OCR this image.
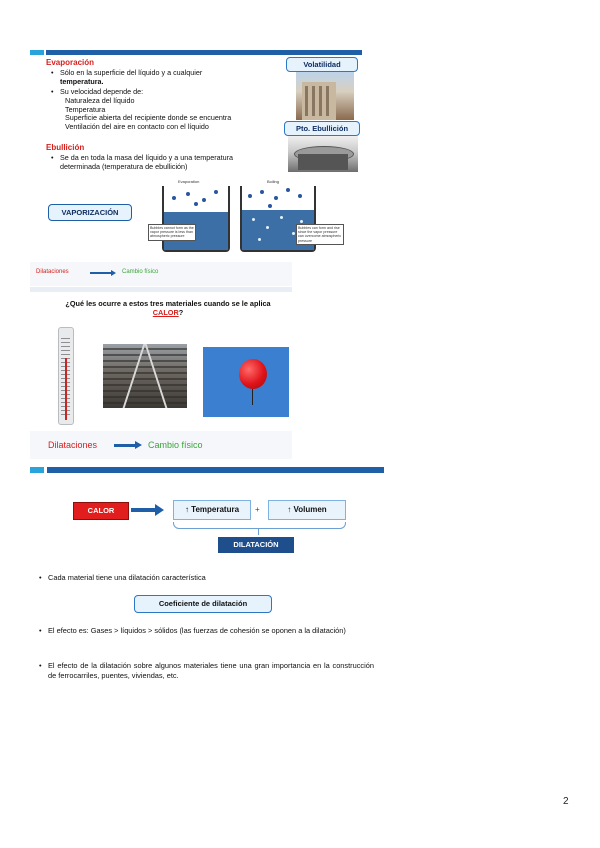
Evaporación
• Sólo en la superficie del líquido y a cualquier
temperatura.
• Su velocidad depende de:
Naturaleza del líquido
Temperatura
Superficie abierta del recipiente donde se encuentra
Ventilación del aire en contacto con el líquido
Ebullición
• Se da en toda la masa del líquido y a una temperatura
determinada (temperatura de ebullición)
Volatilidad
Pto. Ebullición
VAPORIZACIÓN
Evaporation	Boiling
Bubbles cannot form as the vapor pressure is less than atmospheric pressure
Bubbles can form and rise since the vapor pressure can overcome atmospheric pressure
Dilataciones	Cambio físico
¿Qué les ocurre a estos tres materiales cuando se le aplica
CALOR?
Dilataciones	Cambio físico
CALOR	↑ Temperatura	+	↑ Volumen
DILATACIÓN
• Cada material tiene una dilatación característica
Coeficiente de dilatación
• El efecto es: Gases > líquidos > sólidos (las fuerzas de cohesión se oponen a la dilatación)
• El efecto de la dilatación sobre algunos materiales tiene una gran importancia en la construcción de ferrocarriles, puentes, viviendas, etc.
2
